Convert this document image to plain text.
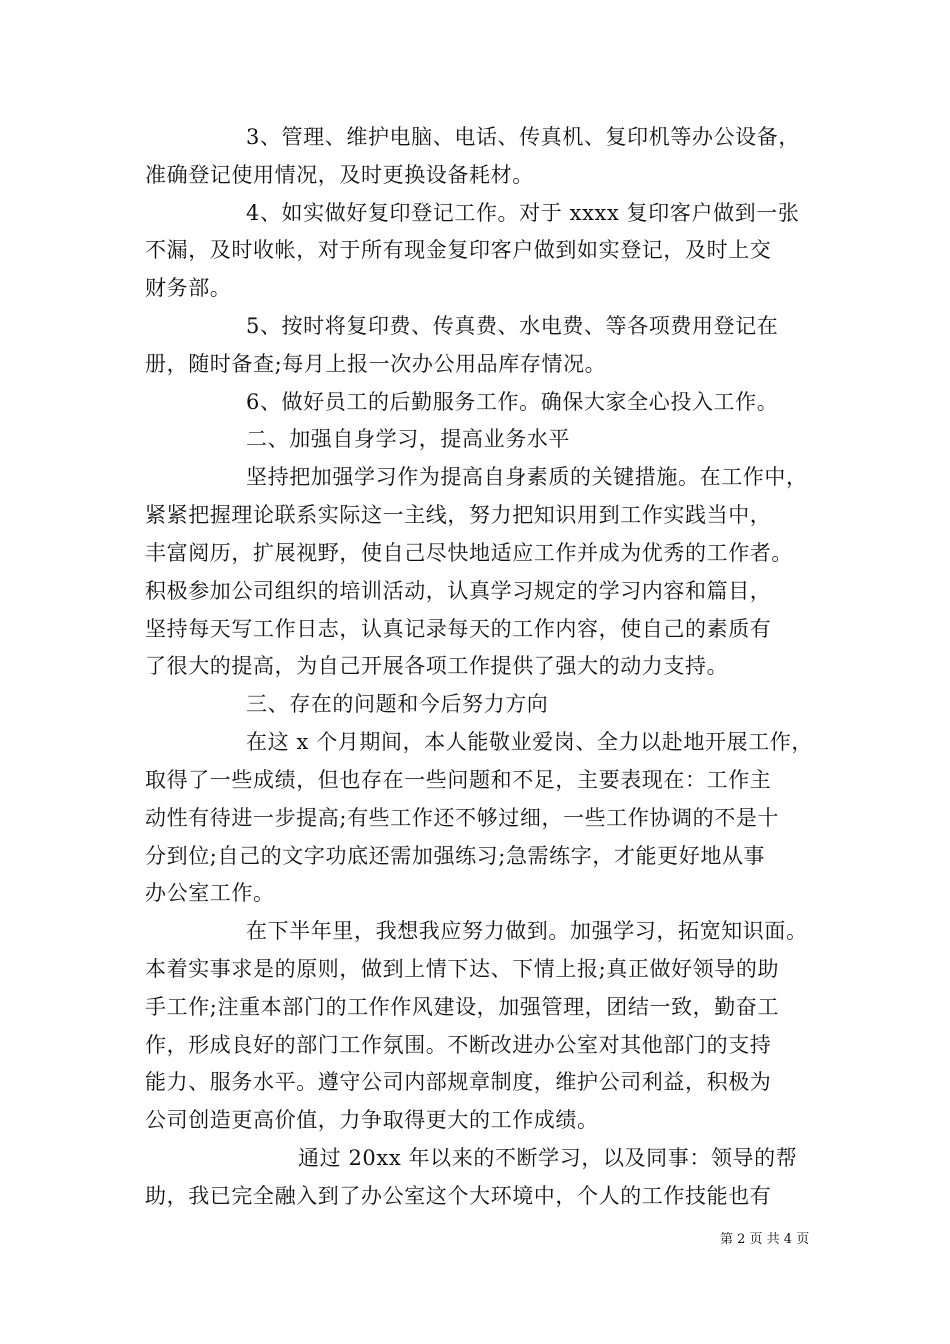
3、管理、维护电脑、电话、传真机、复印机等办公设备，
准确登记使用情况，及时更换设备耗材。
4、如实做好复印登记工作。对于 xxxx 复印客户做到一张
不漏，及时收帐，对于所有现金复印客户做到如实登记，及时上交
财务部。
5、按时将复印费、传真费、水电费、等各项费用登记在
册，随时备查;每月上报一次办公用品库存情况。
6、做好员工的后勤服务工作。确保大家全心投入工作。
二、加强自身学习，提高业务水平
坚持把加强学习作为提高自身素质的关键措施。在工作中，
紧紧把握理论联系实际这一主线，努力把知识用到工作实践当中，
丰富阅历，扩展视野，使自己尽快地适应工作并成为优秀的工作者。
积极参加公司组织的培训活动，认真学习规定的学习内容和篇目，
坚持每天写工作日志，认真记录每天的工作内容，使自己的素质有
了很大的提高，为自己开展各项工作提供了强大的动力支持。
三、存在的问题和今后努力方向
在这 x 个月期间，本人能敬业爱岗、全力以赴地开展工作，
取得了一些成绩，但也存在一些问题和不足，主要表现在：工作主
动性有待进一步提高;有些工作还不够过细，一些工作协调的不是十
分到位;自己的文字功底还需加强练习;急需练字，才能更好地从事
办公室工作。
在下半年里，我想我应努力做到。加强学习，拓宽知识面。
本着实事求是的原则，做到上情下达、下情上报;真正做好领导的助
手工作;注重本部门的工作作风建设，加强管理，团结一致，勤奋工
作，形成良好的部门工作氛围。不断改进办公室对其他部门的支持
能力、服务水平。遵守公司内部规章制度，维护公司利益，积极为
公司创造更高价值，力争取得更大的工作成绩。
通过 20xx 年以来的不断学习，以及同事：领导的帮
助，我已完全融入到了办公室这个大环境中，个人的工作技能也有
第 2 页 共 4 页
